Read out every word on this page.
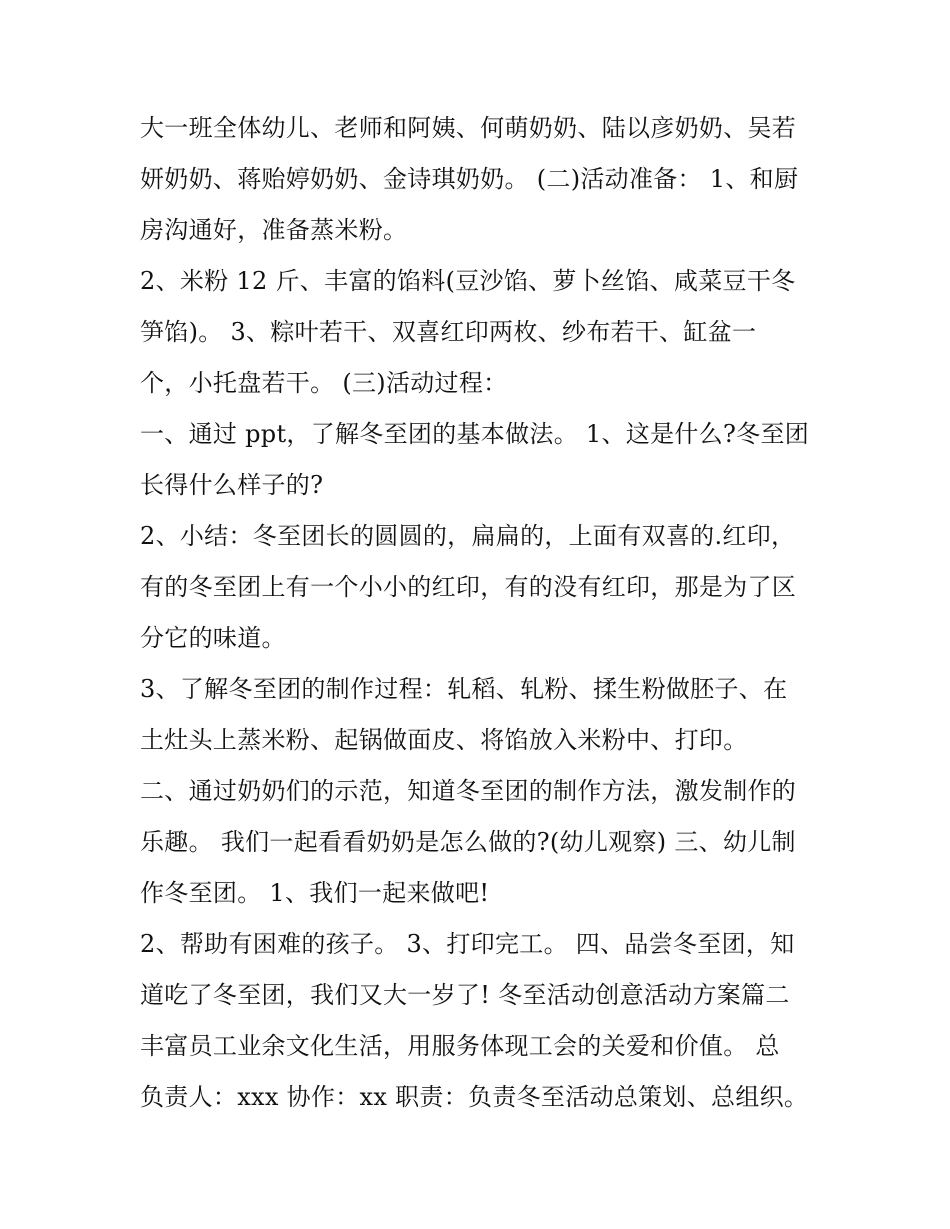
大一班全体幼儿、老师和阿姨、何萌奶奶、陆以彦奶奶、吴若
妍奶奶、蒋贻婷奶奶、金诗琪奶奶。 (二)活动准备： 1、和厨
房沟通好，准备蒸米粉。
2、米粉 12 斤、丰富的馅料(豆沙馅、萝卜丝馅、咸菜豆干冬
笋馅)。 3、粽叶若干、双喜红印两枚、纱布若干、缸盆一
个，小托盘若干。 (三)活动过程：
一、通过 ppt，了解冬至团的基本做法。 1、这是什么?冬至团
长得什么样子的?
2、小结：冬至团长的圆圆的，扁扁的，上面有双喜的.红印，
有的冬至团上有一个小小的红印，有的没有红印，那是为了区
分它的味道。
3、了解冬至团的制作过程：轧稻、轧粉、揉生粉做胚子、在
土灶头上蒸米粉、起锅做面皮、将馅放入米粉中、打印。
二、通过奶奶们的示范，知道冬至团的制作方法，激发制作的
乐趣。 我们一起看看奶奶是怎么做的?(幼儿观察) 三、幼儿制
作冬至团。 1、我们一起来做吧!
2、帮助有困难的孩子。 3、打印完工。 四、品尝冬至团，知
道吃了冬至团，我们又大一岁了! 冬至活动创意活动方案篇二
丰富员工业余文化生活，用服务体现工会的关爱和价值。 总
负责人：xxx 协作：xx 职责：负责冬至活动总策划、总组织。
